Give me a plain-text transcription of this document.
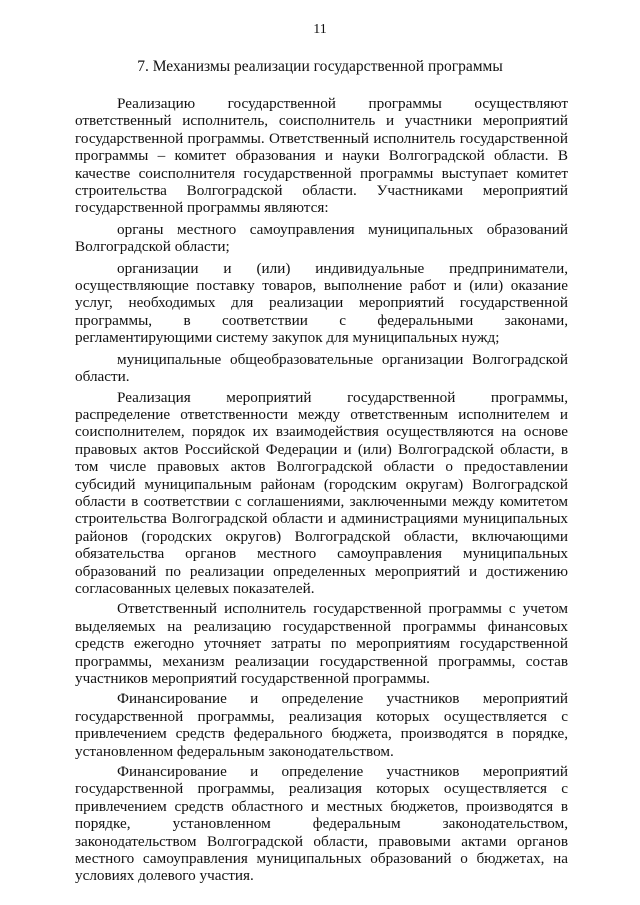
11
7. Механизмы реализации государственной программы

Реализацию государственной программы осуществляют ответственный исполнитель, соисполнитель и участники мероприятий государственной программы. Ответственный исполнитель государственной программы – комитет образования и науки Волгоградской области. В качестве соисполнителя государственной программы выступает комитет строительства Волгоградской области. Участниками мероприятий государственной программы являются:

органы местного самоуправления муниципальных образований Волгоградской области;

организации и (или) индивидуальные предприниматели, осуществляющие поставку товаров, выполнение работ и (или) оказание услуг, необходимых для реализации мероприятий государственной программы, в соответствии с федеральными законами, регламентирующими систему закупок для муниципальных нужд;

муниципальные общеобразовательные организации Волгоградской области.

Реализация мероприятий государственной программы, распределение ответственности между ответственным исполнителем и соисполнителем, порядок их взаимодействия осуществляются на основе правовых актов Российской Федерации и (или) Волгоградской области, в том числе правовых актов Волгоградской области о предоставлении субсидий муниципальным районам (городским округам) Волгоградской области в соответствии с соглашениями, заключенными между комитетом строительства Волгоградской области и администрациями муниципальных районов (городских округов) Волгоградской области, включающими обязательства органов местного самоуправления муниципальных образований по реализации определенных мероприятий и достижению согласованных целевых показателей.

Ответственный исполнитель государственной программы с учетом выделяемых на реализацию государственной программы финансовых средств ежегодно уточняет затраты по мероприятиям государственной программы, механизм реализации государственной программы, состав участников мероприятий государственной программы.

Финансирование и определение участников мероприятий государственной программы, реализация которых осуществляется с привлечением средств федерального бюджета, производятся в порядке, установленном федеральным законодательством.

Финансирование и определение участников мероприятий государственной программы, реализация которых осуществляется с привлечением средств областного и местных бюджетов, производятся в порядке, установленном федеральным законодательством, законодательством Волгоградской области, правовыми актами органов местного самоуправления муниципальных образований о бюджетах, на условиях долевого участия.
